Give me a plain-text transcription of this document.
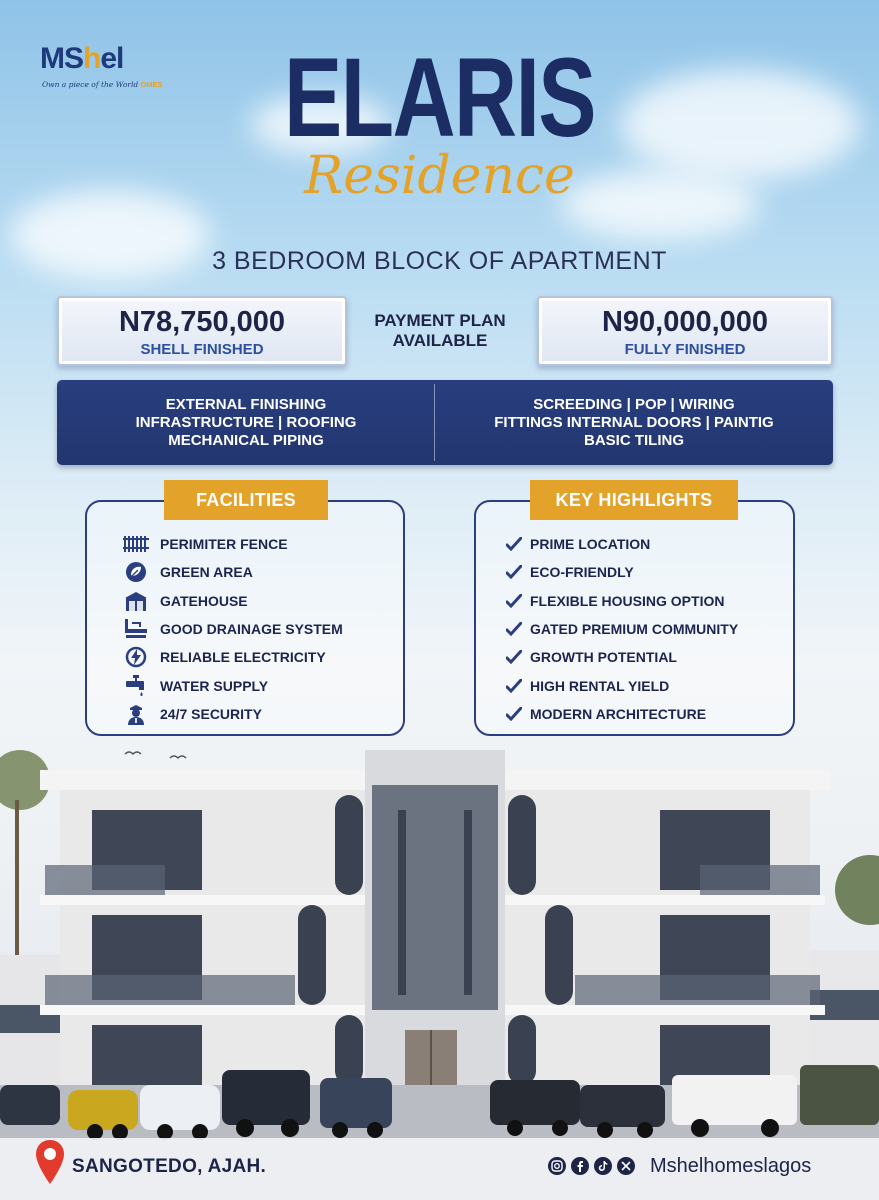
MShel
Own a piece of the World OMES	ELARIS
Residence
3 BEDROOM BLOCK OF APARTMENT
N78,750,000
SHELL FINISHED
PAYMENT PLAN
AVAILABLE
N90,000,000
FULLY FINISHED
EXTERNAL FINISHING
INFRASTRUCTURE | ROOFING
MECHANICAL PIPING
SCREEDING | POP | WIRING
FITTINGS INTERNAL DOORS | PAINTIG
BASIC TILING
FACILITIES	KEY HIGHLIGHTS
PERIMITER FENCE
GREEN AREA
GATEHOUSE
GOOD DRAINAGE SYSTEM
RELIABLE ELECTRICITY
WATER SUPPLY
24/7 SECURITY
PRIME LOCATION
ECO-FRIENDLY
FLEXIBLE HOUSING OPTION
GATED PREMIUM COMMUNITY
GROWTH POTENTIAL
HIGH RENTAL YIELD
MODERN ARCHITECTURE
SANGOTEDO, AJAH.	Mshelhomeslagos
